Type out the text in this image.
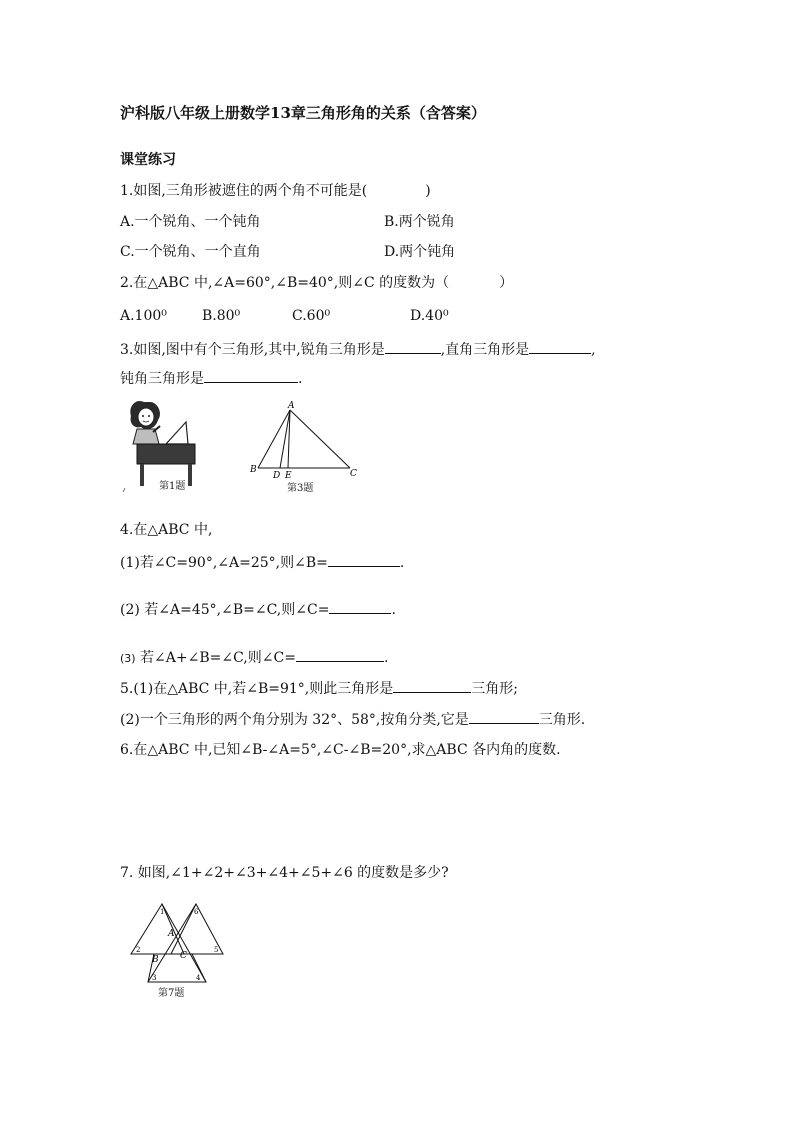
沪科版八年级上册数学13章三角形角的关系（含答案）
课堂练习
1.如图,三角形被遮住的两个角不可能是(	)
A.一个锐角、一个钝角	B.两个锐角
C.一个锐角、一个直角	D.两个钝角
2.在△ABC 中,∠A=60°,∠B=40°,则∠C 的度数为（	）
A.100⁰	B.80⁰	C.60⁰	D.40⁰
3.如图,图中有个三角形,其中,锐角三角形是	,直角三角形是	,
钝角三角形是	.
第1题
A
B	C
D E
第3题
4.在△ABC 中,
(1)若∠C=90°,∠A=25°,则∠B=	.
(2) 若∠A=45°,∠B=∠C,则∠C=	.
(3) 若∠A+∠B=∠C,则∠C=	.
5.(1)在△ABC 中,若∠B=91°,则此三角形是	三角形;
(2)一个三角形的两个角分别为 32°、58°,按角分类,它是	三角形.
6.在△ABC 中,已知∠B-∠A=5°,∠C-∠B=20°,求△ABC 各内角的度数.
7. 如图,∠1+∠2+∠3+∠4+∠5+∠6 的度数是多少?
1
2
3	4
5
6
A
B C
第7题
